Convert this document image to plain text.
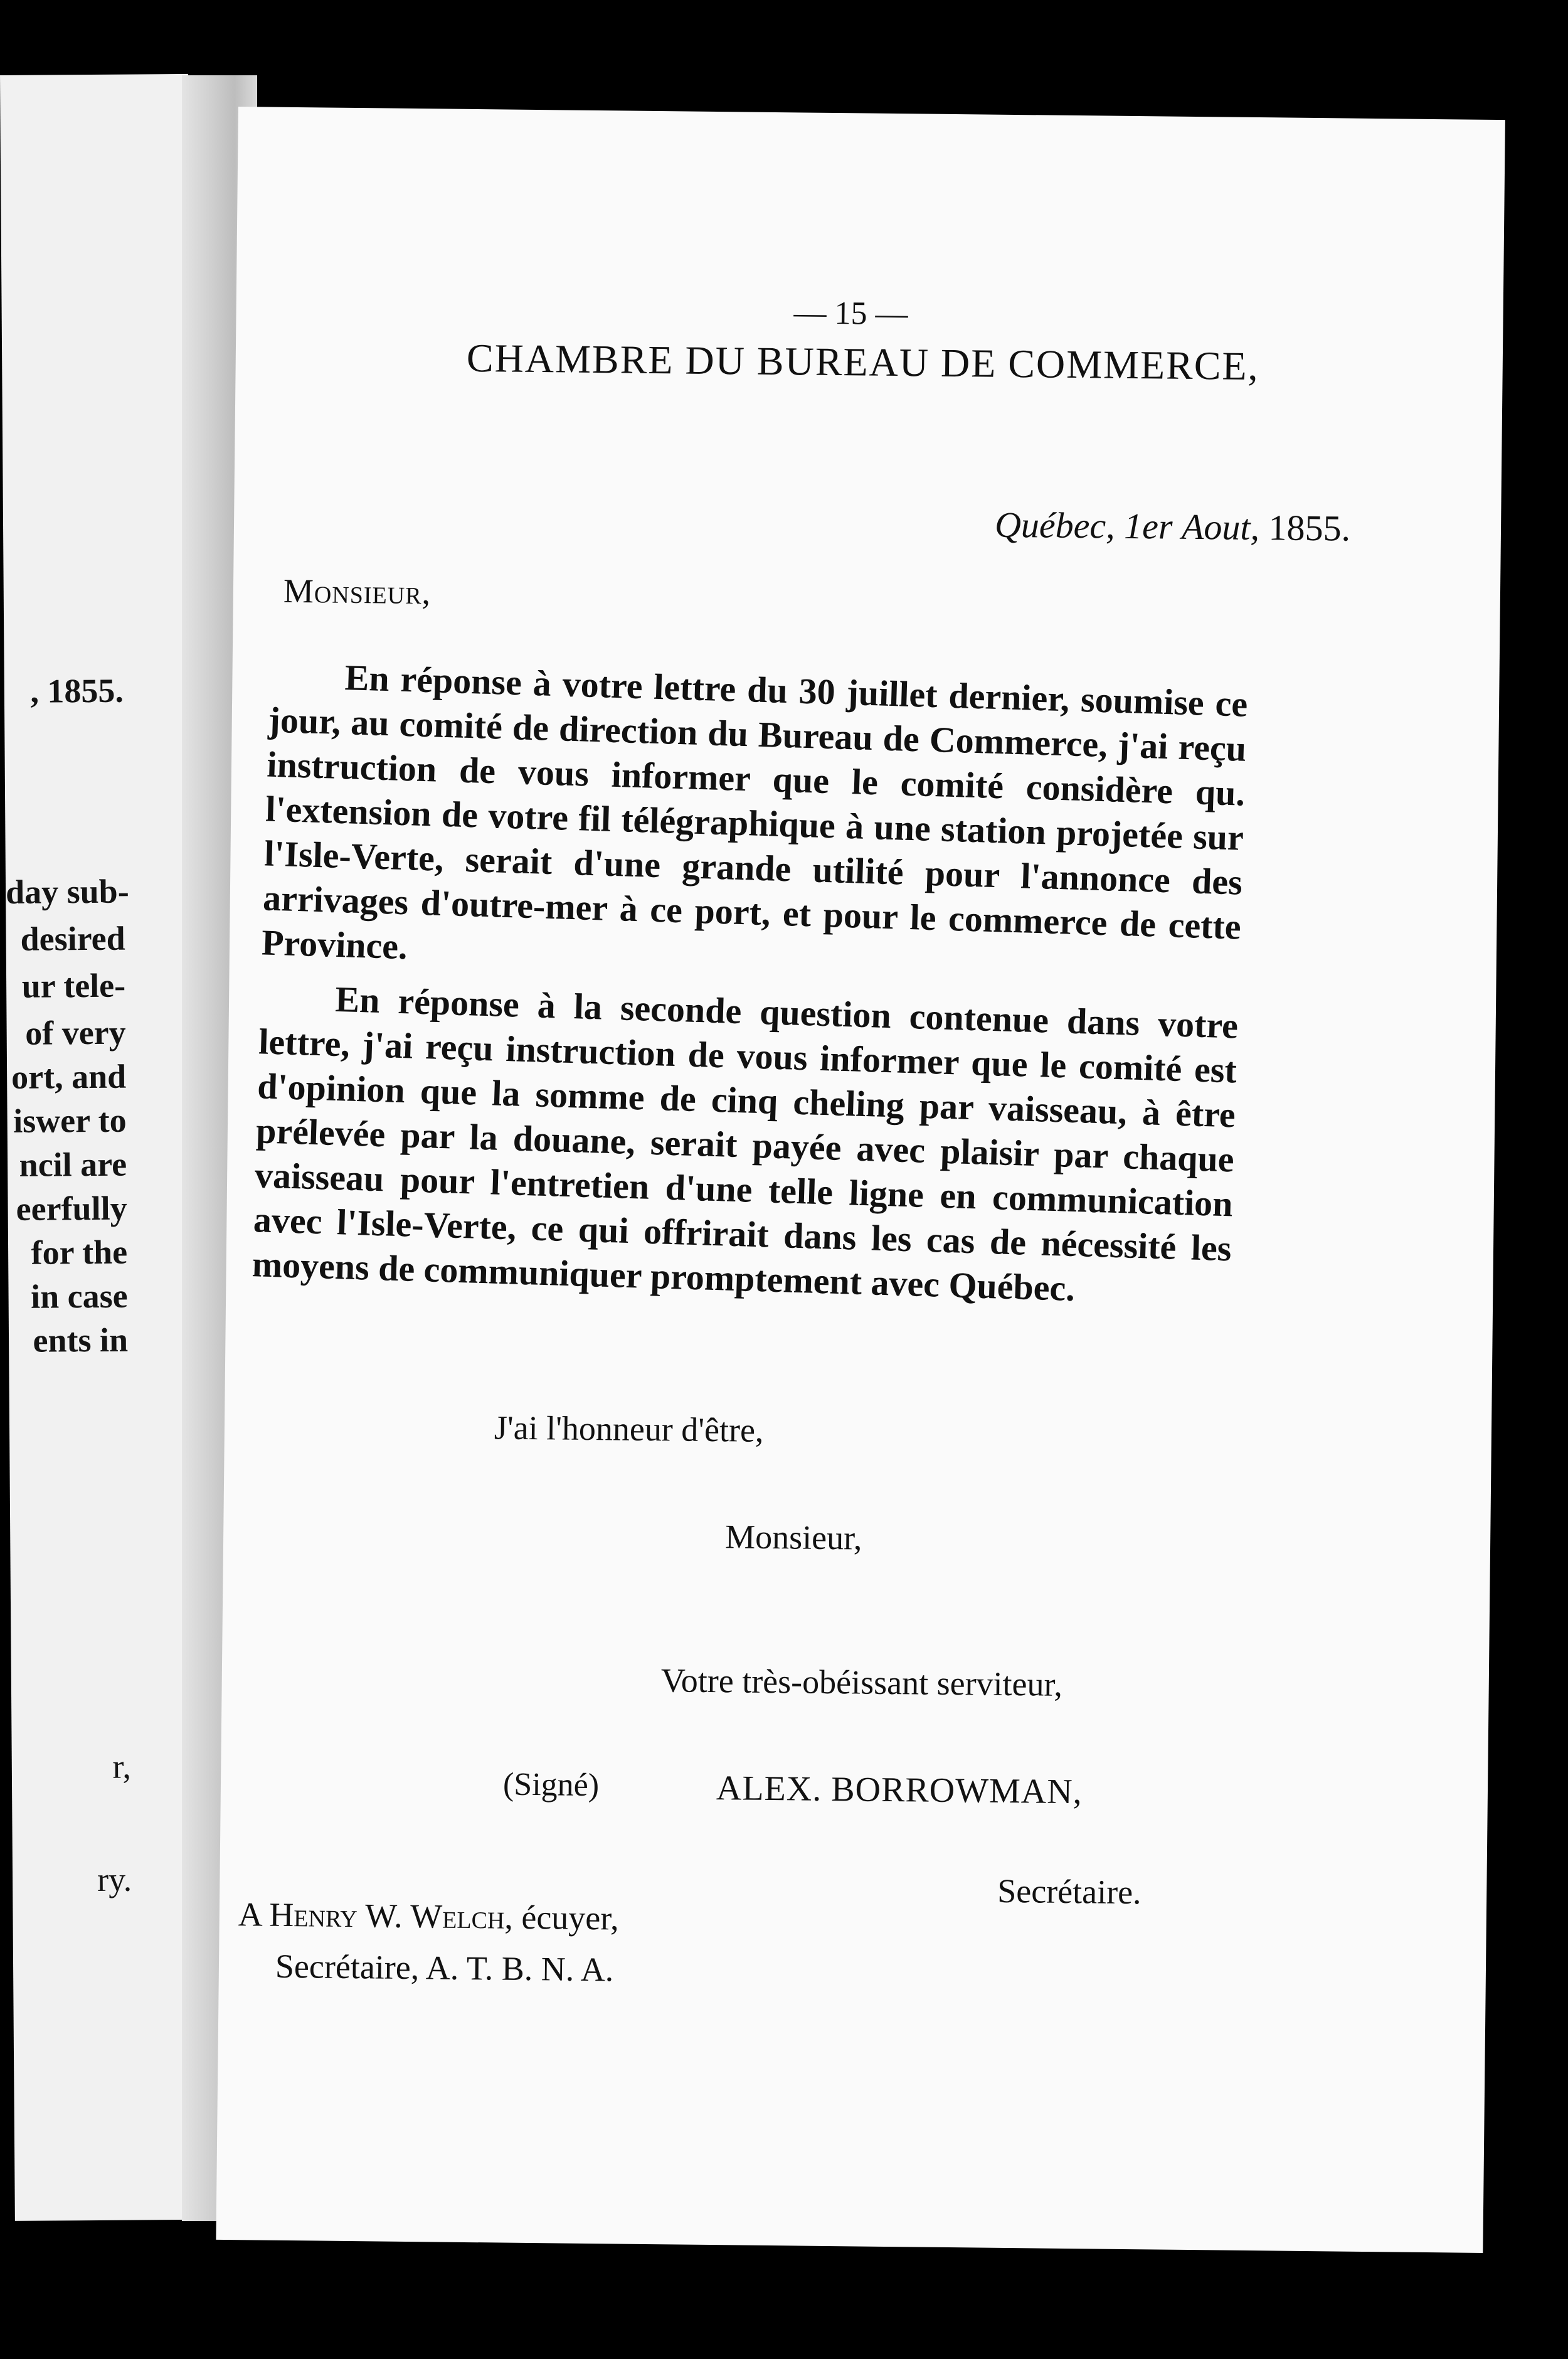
, 1855.
day sub-
desired
ur tele-
of very
ort, and
iswer to
ncil are
eerfully
for the
in case
ents in
r,
ry.
— 15 —
CHAMBRE DU BUREAU DE COMMERCE,
Québec, 1er Aout, 1855.
Monsieur,

En réponse à votre lettre du 30 juillet dernier, soumise ce jour, au comité de direction du Bureau de Commerce, j'ai reçu instruction de vous informer que le comité considère qu. l'extension de votre fil télégraphique à une station projetée sur l'Isle-Verte, serait d'une grande utilité pour l'annonce des arrivages d'outre-mer à ce port, et pour le commerce de cette Province.

En réponse à la seconde question contenue dans votre lettre, j'ai reçu instruction de vous informer que le comité est d'opinion que la somme de cinq cheling par vaisseau, à être prélevée par la douane, serait payée avec plaisir par chaque vaisseau pour l'entretien d'une telle ligne en communication avec l'Isle-Verte, ce qui offrirait dans les cas de nécessité les moyens de communiquer promptement avec Québec.

J'ai l'honneur d'être,
Monsieur,
Votre très-obéissant serviteur,
(Signé)	ALEX. BORROWMAN,
Secrétaire.
A Henry W. Welch, écuyer,
Secrétaire, A. T. B. N. A.
